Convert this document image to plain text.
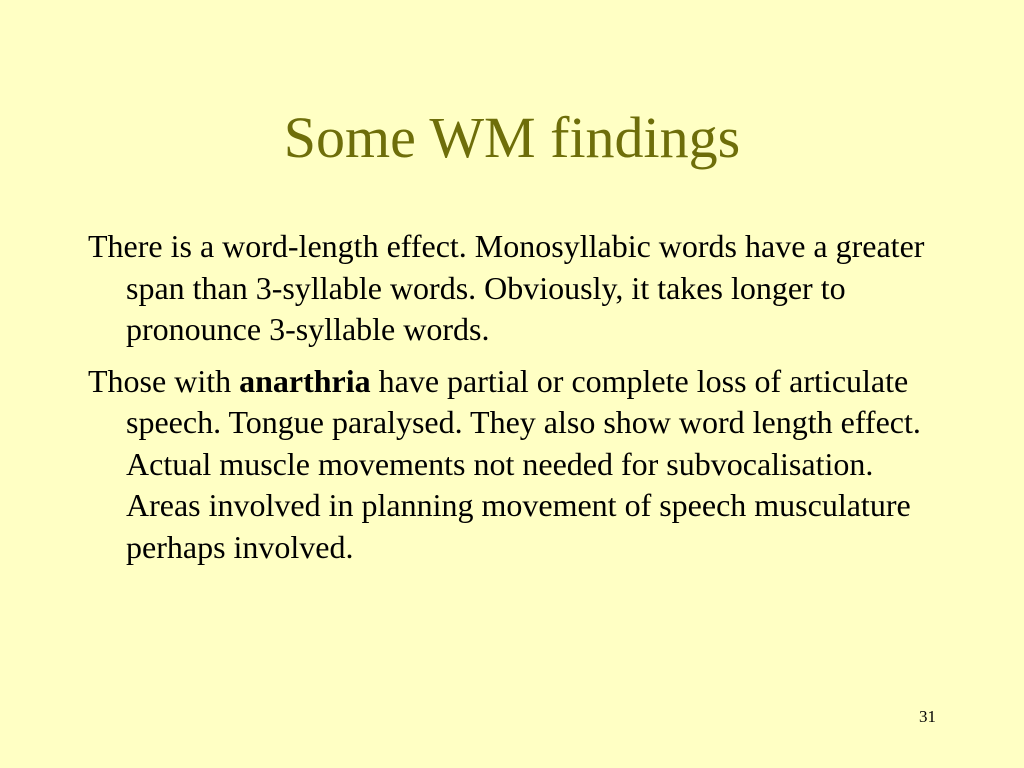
Some WM findings

There is a word-length effect. Monosyllabic words have a greater span than 3-syllable words. Obviously, it takes longer to pronounce 3-syllable words.

Those with anarthria have partial or complete loss of articulate speech. Tongue paralysed. They also show word length effect. Actual muscle movements not needed for subvocalisation. Areas involved in planning movement of speech musculature perhaps involved.

31
